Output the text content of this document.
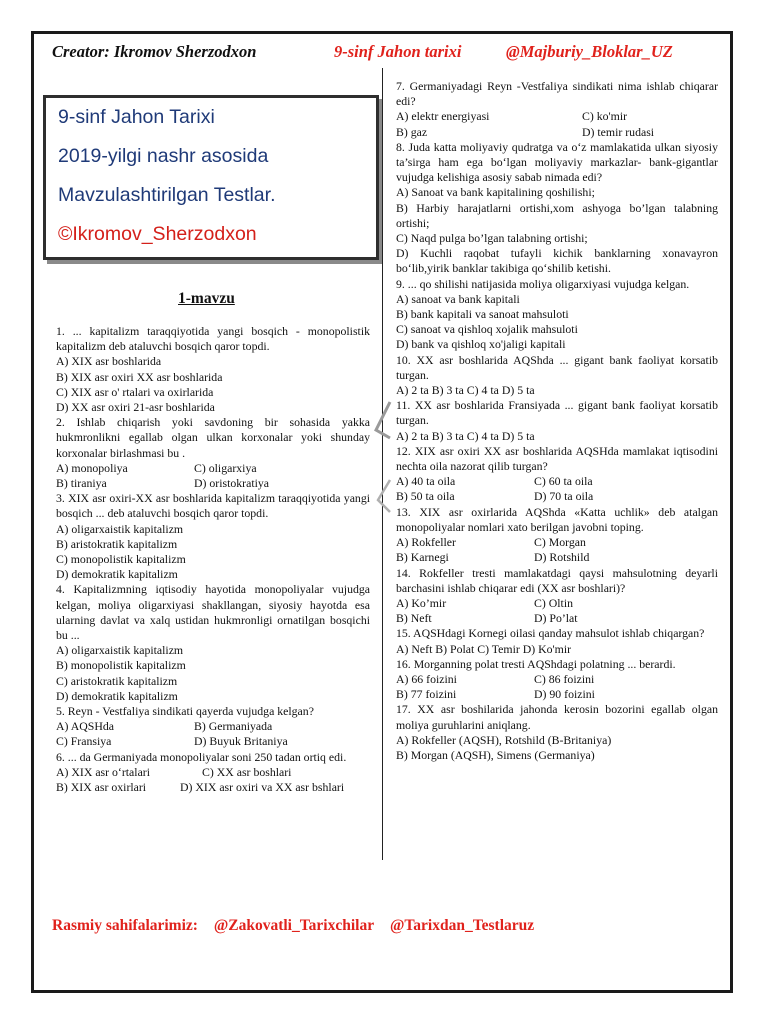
Creator: Ikromov Sherzodxon	9-sinf Jahon tarixi	@Majburiy_Bloklar_UZ
9-sinf Jahon Tarixi
2019-yilgi nashr asosida
Mavzulashtirilgan Testlar.
©Ikromov_Sherzodxon
1-mavzu

1. ... kapitalizm taraqqiyotida yangi bosqich - monopolistik kapitalizm deb ataluvchi bosqich qaror topdi.

A) XIX asr boshlarida

B) XIX asr oxiri XX asr boshlarida

C) XIX asr o' rtalari va oxirlarida

D) XX asr oxiri 21-asr boshlarida

2. Ishlab chiqarish yoki savdoning bir sohasida yakka hukmronlikni egallab olgan ulkan korxonalar yoki shunday korxonalar birlashmasi bu .

A) monopoliya	C) oligarxiya
B) tiraniya	D) oristokratiya

3. XIX asr oxiri-XX asr boshlarida kapitalizm taraqqiyotida yangi bosqich ... deb ataluvchi bosqich qaror topdi.

A) oligarxaistik kapitalizm

B) aristokratik kapitalizm

C) monopolistik kapitalizm

D) demokratik kapitalizm

4. Kapitalizmning iqtisodiy hayotida monopoliyalar vujudga kelgan, moliya oligarxiyasi shakllangan, siyosiy hayotda esa ularning davlat va xalq ustidan hukmronligi ornatilgan bosqichi bu ...

A) oligarxaistik kapitalizm

B) monopolistik kapitalizm

C) aristokratik kapitalizm

D) demokratik kapitalizm

5. Reyn - Vestfaliya sindikati qayerda vujudga kelgan?

A) AQSHda	B) Germaniyada
C) Fransiya	D) Buyuk Britaniya

6. ... da Germaniyada monopoliyalar soni 250 tadan ortiq edi.

A) XIX asr o‘rtalari	C) XX asr boshlari
B) XIX asr oxirlari	D) XIX asr oxiri va XX asr bshlari

7. Germaniyadagi Reyn -Vestfaliya sindikati nima ishlab chiqarar edi?

A) elektr energiyasi	C) ko'mir
B) gaz	D) temir rudasi

8. Juda katta moliyaviy qudratga va o‘z mamlakatida ulkan siyosiy ta’sirga ham ega bo‘lgan moliyaviy markazlar- bank-gigantlar vujudga kelishiga asosiy sabab nimada edi?

A) Sanoat va bank kapitalining qoshilishi;

B) Harbiy harajatlarni ortishi,xom ashyoga bo’lgan talabning ortishi;

C) Naqd pulga bo’lgan talabning ortishi;

D) Kuchli raqobat tufayli kichik banklarning xonavayron bo‘lib,yirik banklar takibiga qo‘shilib ketishi.

9. ... qo shilishi natijasida moliya oligarxiyasi vujudga kelgan.

A) sanoat va bank kapitali

B) bank kapitali va sanoat mahsuloti

C) sanoat va qishloq xojalik mahsuloti

D) bank va qishloq xo'jaligi kapitali

10. XX asr boshlarida AQShda ... gigant bank faoliyat korsatib turgan.

A) 2 ta B) 3 ta C) 4 ta D) 5 ta

11. XX asr boshlarida Fransiyada ... gigant bank faoliyat korsatib turgan.

A) 2 ta B) 3 ta C) 4 ta D) 5 ta

12. XIX asr oxiri XX asr boshlarida AQSHda mamlakat iqtisodini nechta oila nazorat qilib turgan?

A) 40 ta oila	C) 60 ta oila
B) 50 ta oila	D) 70 ta oila

13. XIX asr oxirlarida AQShda «Katta uchlik» deb atalgan monopoliyalar nomlari xato berilgan javobni toping.

A) Rokfeller	C) Morgan
B) Karnegi	D) Rotshild

14. Rokfeller tresti mamlakatdagi qaysi mahsulotning deyarli barchasini ishlab chiqarar edi (XX asr boshlari)?

A) Ko’mir	C) Oltin
B) Neft	D) Po’lat

15. AQSHdagi Kornegi oilasi qanday mahsulot ishlab chiqargan?

A) Neft B) Polat C) Temir D) Ko'mir

16. Morganning polat tresti AQShdagi polatning ... berardi.

A) 66 foizini	C) 86 foizini
B) 77 foizini	D) 90 foizini

17. XX asr boshilarida jahonda kerosin bozorini egallab olgan moliya guruhlarini aniqlang.

A) Rokfeller (AQSH), Rotshild (B-Britaniya)

B) Morgan (AQSH), Simens (Germaniya)

Rasmiy sahifalarimiz: @Zakovatli_Tarixchilar @Tarixdan_Testlaruz
